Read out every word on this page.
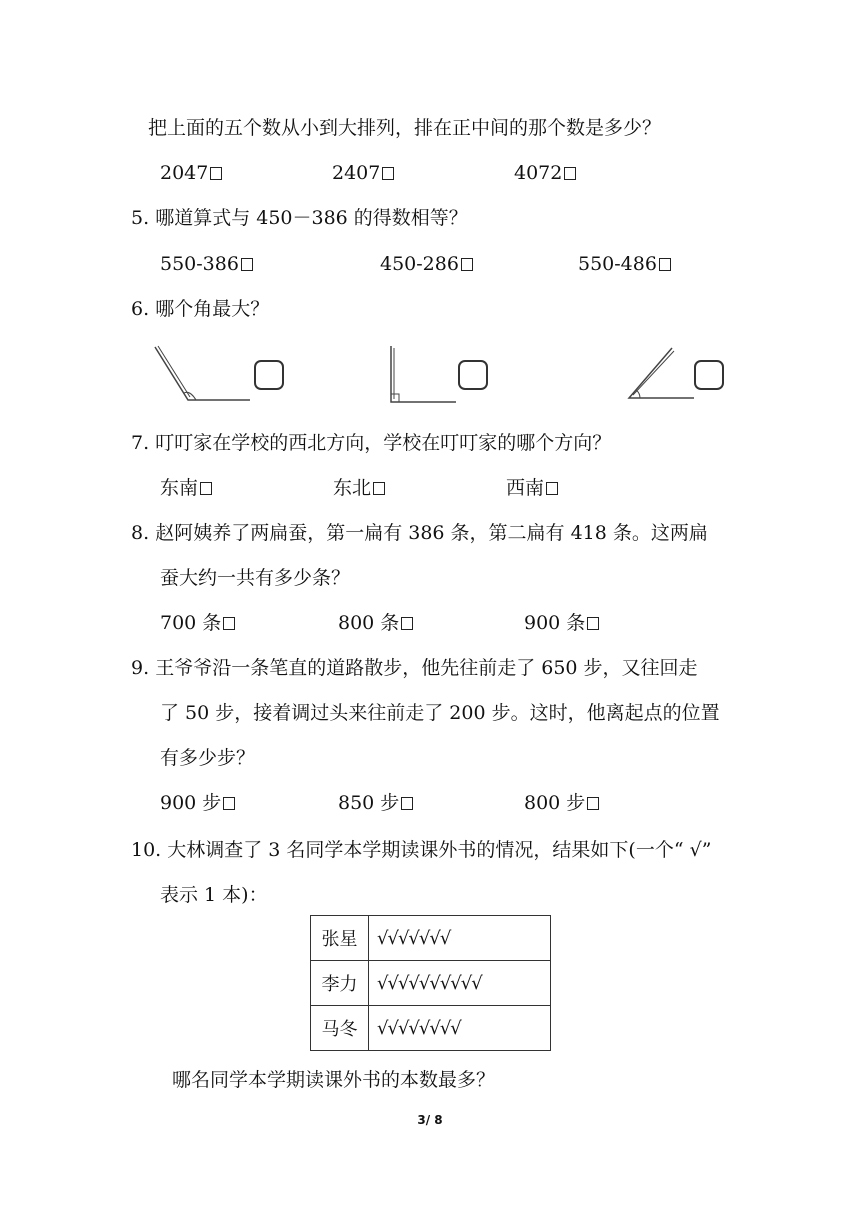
把上面的五个数从小到大排列，排在正中间的那个数是多少？
2047	2407	4072
5. 哪道算式与 450－386 的得数相等？
550-386	450-286	550-486
6. 哪个角最大？
7. 叮叮家在学校的西北方向，学校在叮叮家的哪个方向？
东南	东北	西南
8. 赵阿姨养了两扁蚕，第一扁有 386 条，第二扁有 418 条。这两扁
蚕大约一共有多少条？
700 条	800 条	900 条
9. 王爷爷沿一条笔直的道路散步，他先往前走了 650 步，又往回走
了 50 步，接着调过头来往前走了 200 步。这时，他离起点的位置
有多少步？
900 步	850 步	800 步
10. 大林调查了 3 名同学本学期读课外书的情况，结果如下(一个“ √”
表示 1 本)：
张星	√√√√√√√
李力	√√√√√√√√√√
马冬	√√√√√√√√
哪名同学本学期读课外书的本数最多？
3/ 8
